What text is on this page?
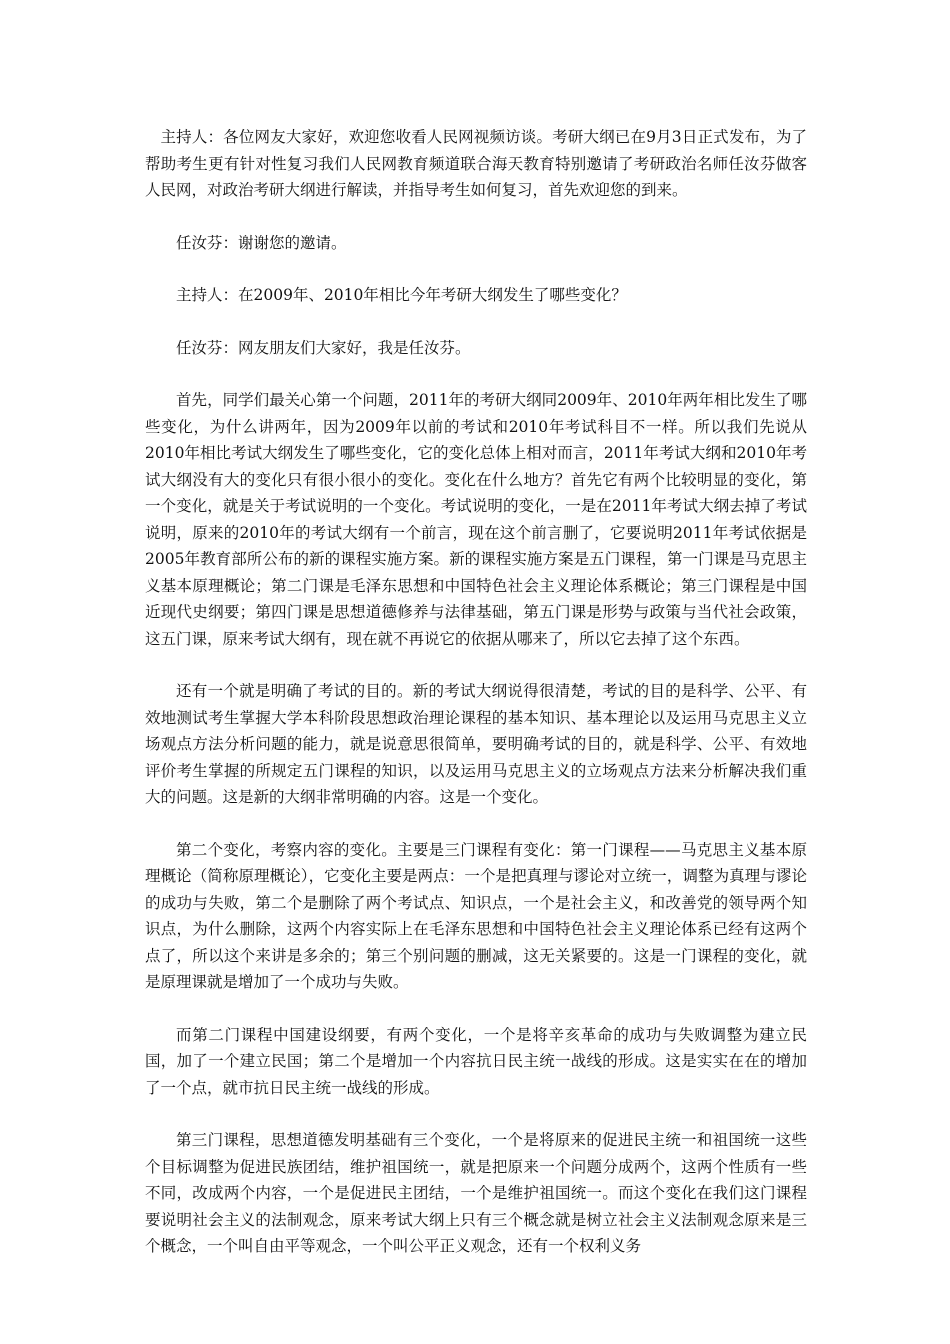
主持人：各位网友大家好，欢迎您收看人民网视频访谈。考研大纲已在9月3日正式发布，为了帮助考生更有针对性复习我们人民网教育频道联合海天教育特别邀请了考研政治名师任汝芬做客人民网，对政治考研大纲进行解读，并指导考生如何复习，首先欢迎您的到来。

任汝芬：谢谢您的邀请。

主持人：在2009年、2010年相比今年考研大纲发生了哪些变化？

任汝芬：网友朋友们大家好，我是任汝芬。

首先，同学们最关心第一个问题，2011年的考研大纲同2009年、2010年两年相比发生了哪些变化，为什么讲两年，因为2009年以前的考试和2010年考试科目不一样。所以我们先说从2010年相比考试大纲发生了哪些变化，它的变化总体上相对而言，2011年考试大纲和2010年考试大纲没有大的变化只有很小很小的变化。变化在什么地方？首先它有两个比较明显的变化，第一个变化，就是关于考试说明的一个变化。考试说明的变化，一是在2011年考试大纲去掉了考试说明，原来的2010年的考试大纲有一个前言，现在这个前言删了，它要说明2011年考试依据是2005年教育部所公布的新的课程实施方案。新的课程实施方案是五门课程，第一门课是马克思主义基本原理概论；第二门课是毛泽东思想和中国特色社会主义理论体系概论；第三门课程是中国近现代史纲要；第四门课是思想道德修养与法律基础，第五门课是形势与政策与当代社会政策，这五门课，原来考试大纲有，现在就不再说它的依据从哪来了，所以它去掉了这个东西。

还有一个就是明确了考试的目的。新的考试大纲说得很清楚，考试的目的是科学、公平、有效地测试考生掌握大学本科阶段思想政治理论课程的基本知识、基本理论以及运用马克思主义立场观点方法分析问题的能力，就是说意思很简单，要明确考试的目的，就是科学、公平、有效地评价考生掌握的所规定五门课程的知识，以及运用马克思主义的立场观点方法来分析解决我们重大的问题。这是新的大纲非常明确的内容。这是一个变化。

第二个变化，考察内容的变化。主要是三门课程有变化：第一门课程——马克思主义基本原理概论（简称原理概论），它变化主要是两点：一个是把真理与谬论对立统一，调整为真理与谬论的成功与失败，第二个是删除了两个考试点、知识点，一个是社会主义，和改善党的领导两个知识点，为什么删除，这两个内容实际上在毛泽东思想和中国特色社会主义理论体系已经有这两个点了，所以这个来讲是多余的；第三个别问题的删减，这无关紧要的。这是一门课程的变化，就是原理课就是增加了一个成功与失败。

而第二门课程中国建设纲要，有两个变化，一个是将辛亥革命的成功与失败调整为建立民国，加了一个建立民国；第二个是增加一个内容抗日民主统一战线的形成。这是实实在在的增加了一个点，就市抗日民主统一战线的形成。

第三门课程，思想道德发明基础有三个变化，一个是将原来的促进民主统一和祖国统一这些个目标调整为促进民族团结，维护祖国统一，就是把原来一个问题分成两个，这两个性质有一些不同，改成两个内容，一个是促进民主团结，一个是维护祖国统一。而这个变化在我们这门课程要说明社会主义的法制观念，原来考试大纲上只有三个概念就是树立社会主义法制观念原来是三个概念，一个叫自由平等观念，一个叫公平正义观念，还有一个权利义务
